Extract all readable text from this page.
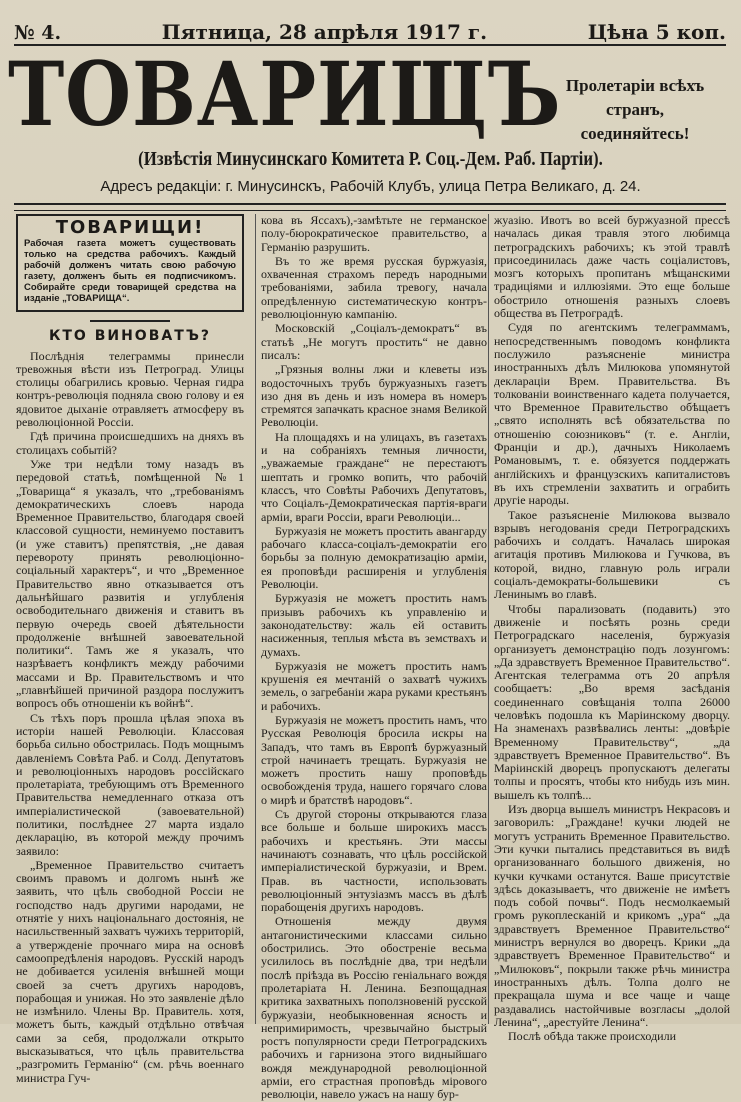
№ 4.	Пятница, 28 апрѣля 1917 г.	Цѣна 5 коп.
ТОВАРИЩЪ Пролетаріи всѣхъ странъ,
соединяйтесь!
(Извѣстія Минусинскаго Комитета Р. Соц.-Дем. Раб. Партіи).
Адресъ редакціи: г. Минусинскъ, Рабочій Клубъ, улица Петра Великаго, д. 24.
ТОВАРИЩИ!
Рабочая газета можетъ существовать только на средства рабочихъ. Каждый рабочій долженъ читать свою рабочую газету, долженъ быть ея подписчикомъ. Собирайте среди товарищей средства на изданіе „ТОВАРИЩА“.
КТО ВИНОВАТЪ?

Послѣднія телеграммы принесли тревожныя вѣсти изъ Петроград. Улицы столицы обагрились кровью. Черная гидра контръ-революція подняла свою голову и ея ядовитое дыханіе отравляетъ атмосферу въ революціонной Россіи.

Гдѣ причина происшедшихъ на дняхъ въ столицахъ событій?

Уже три недѣли тому назадъ въ передовой статьѣ, помѣщенной №1 „Товарища“ я указалъ, что „требованіямъ демократическихъ слоевъ народа Временное Правительство, благодаря своей классовой сущности, неминуемо поставитъ (и уже ставитъ) препятствія, „не давая перевороту принять революціонно-соціальный характеръ“, и что „Временное Правительство явно отказывается отъ дальнѣйшаго развитія и углубленія освободительнаго движенія и ставитъ въ первую очередь своей дѣятельности продолженіе внѣшней завоевательной политики“. Тамъ же я указалъ, что назрѣваетъ конфликтъ между рабочими массами и Вр. Правительствомъ и что „главнѣйшей причиной раздора послужитъ вопросъ объ отношеніи къ войнѣ“.

Съ тѣхъ поръ прошла цѣлая эпоха въ исторіи нашей Революціи. Классовая борьба сильно обострилась. Подъ мощнымъ давленіемъ Совѣта Раб. и Солд. Депутатовъ и революціонныхъ народовъ россійскаго пролетаріата, требующимъ отъ Временного Правительства немедленнаго отказа отъ имперіалистической (завоевательной) политики, послѣднее 27 марта издало декларацію, въ которой между прочимъ заявило:

„Временное Правительство считаетъ своимъ правомъ и долгомъ нынѣ же заявить, что цѣль свободной Россіи не господство надъ другими народами, не отнятіе у нихъ національнаго достоянія, не насильственный захватъ чужихъ территорій, а утвержденіе прочнаго мира на основѣ самоопредѣленія народовъ. Русскій народъ не добивается усиленія внѣшней мощи своей за счетъ другихъ народовъ, порабощая и унижая. Но это заявленіе дѣло не измѣнило. Члены Вр. Правитель. хотя, можетъ быть, каждый отдѣльно отвѣчая сами за себя, продолжали открыто высказываться, что цѣль правительства „разгромить Германію“ (см. рѣчь военнаго министра Гуч-

кова въ Яссахъ),-замѣтьте не германское полу-бюрократическое правительство, а Германію разрушить.

Въ то же время русская буржуазія, охваченная страхомъ передъ народными требованіями, забила тревогу, начала опредѣленную систематическую контръ-революціонную кампанію.

Московскій „Соціалъ-демократъ“ въ статьѣ „Не могутъ простить“ не давно писалъ:

„Грязныя волны лжи и клеветы изъ водосточныхъ трубъ буржуазныхъ газетъ изо дня въ день и изъ номера въ номеръ стремятся запачкать красное знамя Великой Революціи.

На площадяхъ и на улицахъ, въ газетахъ и на собраніяхъ темныя личности, „уважаемые граждане“ не перестаютъ шептать и громко вопить, что рабочій классъ, что Совѣты Рабочихъ Депутатовъ, что Соціалъ-Демократическая партія-враги арміи, враги Россіи, враги Революціи...

Буржуазія не можетъ простить авангарду рабочаго класса-соціалъ-демократіи его борьбы за полную демократизацію арміи, ея проповѣди расширенія и углубленія Революціи.

Буржуазія не можетъ простить намъ призывъ рабочихъ къ управленію и законодательству: жаль ей оставить насиженныя, теплыя мѣста въ земствахъ и думахъ.

Буржуазія не можетъ простить намъ крушенія ея мечтаній о захватѣ чужихъ земель, о загребаніи жара руками крестьянъ и рабочихъ.

Буржуазія не можетъ простить намъ, что Русская Революція бросила искры на Западъ, что тамъ въ Европѣ буржуазный строй начинаетъ трещать. Буржуазія не можетъ простить нашу проповѣдь освобожденія труда, нашего горячаго слова о мирѣ и братствѣ народовъ“.

Съ другой стороны открываются глаза все больше и больше широкихъ массъ рабочихъ и крестьянъ. Эти массы начинаютъ сознавать, что цѣль россійской имперіалистической буржуазіи, и Врем. Прав. въ частности, использовать революціонный энтузіазмъ массъ въ дѣлѣ порабощенія другихъ народовъ.

Отношенія между двумя антагонистическими классами сильно обострились. Это обостреніе весьма усилилось въ послѣдніе два, три недѣли послѣ пріѣзда въ Россію геніальнаго вождя пролетаріата Н. Ленина. Безпощадная критика захватныхъ поползновеній русской буржуазіи, необыкновенная ясность и непримиримость, чрезвычайно быстрый ростъ популярности среди Петроградскихъ рабочихъ и гарнизона этого видныйшаго вождя международной революціонной арміи, его страстная проповѣдь мірового революціи, навело ужасъ на нашу бур-

жуазію. Ивотъ во всей буржуазной прессѣ началась дикая травля этого любимца петроградскихъ рабочихъ; къ этой травлѣ присоединилась даже часть соціалистовъ, мозгъ которыхъ пропитанъ мѣщанскими традиціями и иллюзіями. Это еще больше обострило отношенія разныхъ слоевъ общества въ Петроградѣ.

Судя по агентскимъ телеграммамъ, непосредственнымъ поводомъ конфликта послужило разъясненіе министра иностранныхъ дѣлъ Милюкова упомянутой деклараціи Врем. Правительства. Въ толкованіи воинственнаго кадета получается, что Временное Правительство обѣщаетъ „свято исполнять всѣ обязательства по отношенію союзниковъ“ (т. е. Англіи, Франціи и др.), дачныхъ Николаемъ Романовымъ, т. е. обязуется поддержать англійскихъ и французскихъ капиталистовъ въ ихъ стремленіи захватить и ограбить другіе народы.

Такое разъясненіе Милюкова вызвало взрывъ негодованія среди Петроградскихъ рабочихъ и солдатъ. Началась широкая агитація противъ Милюкова и Гучкова, въ которой, видно, главную роль играли соціалъ-демократы-большевики съ Ленинымъ во главѣ.

Чтобы парализовать (подавить) это движеніе и посѣять рознь среди Петроградскаго населенія, буржуазія организуетъ демонстрацію подъ лозунгомъ: „Да здравствуетъ Временное Правительство“. Агентская телеграмма отъ 20 апрѣля сообщаетъ: „Во время засѣданія соединеннаго совѣщанія толпа 26000 человѣкъ подошла къ Маріинскому дворцу. На знаменахъ развѣвались ленты: „довѣріе Временному Правительству“, „да здравствуетъ Временное Правительство“. Въ Маріинскій дворецъ пропускаютъ делегаты толпы и просятъ, чтобы кто нибудь изъ мин. вышелъ къ толпѣ...

Изъ дворца вышелъ министръ Некрасовъ и заговорилъ: „Граждане! кучки людей не могутъ устранить Временное Правительство. Эти кучки пытались представиться въ видѣ организованнаго большого движенія, но кучки кучками останутся. Ваше присутствіе здѣсь доказываетъ, что движеніе не имѣетъ подъ собой почвы“. Подъ несмолкаемый громъ рукоплесканій и крикомъ „ура“ „да здравствуетъ Временное Правительство“ министръ вернулся во дворецъ. Крики „да здравствуетъ Временное Правительство“ и „Милюковъ“, покрыли также рѣчь министра иностранныхъ дѣлъ. Толпа долго не прекращала шума и все чаще и чаще раздавались настойчивые возгласы „долой Ленина“, „арестуйте Ленина“.

Послѣ обѣда также происходили
